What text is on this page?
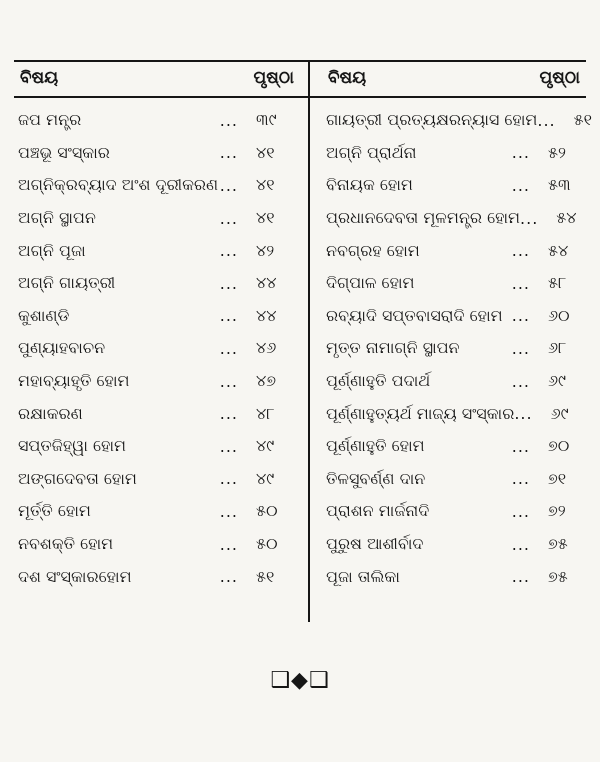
ବିଷୟ	ପୃଷ୍ଠା
ଜପ ମନ୍ତ୍ର	...	୩୯
ପଞ୍ଚଭୂ ସଂସ୍କାର	...	୪୧
ଅଗ୍ନିକ୍ରବ୍ୟାଦ ଅଂଶ ଦୂରୀକରଣ ...	୪୧
ଅଗ୍ନି ସ୍ଥାପନ	...	୪୧
ଅଗ୍ନି ପୂଜା	...	୪୨
ଅଗ୍ନି ଗାୟତ୍ରୀ	...	୪୪
କୁଶାଣ୍ଡି	...	୪୪
ପୁଣ୍ୟାହବାଚନ	...	୪୬
ମହାବ୍ୟାହୃତି ହୋମ	...	୪୭
ରକ୍ଷାକରଣ	...	୪୮
ସପ୍ତଜିହ୍ୱା ହୋମ	...	୪୯
ଅଙ୍ଗଦେବତା ହୋମ	...	୪୯
ମୂର୍ତ୍ତି ହୋମ	...	୫୦
ନବଶକ୍ତି ହୋମ	...	୫୦
ଦଶ ସଂସ୍କାରହୋମ	...	୫୧
ବିଷୟ	ପୃଷ୍ଠା
ଗାୟତ୍ରୀ ପ୍ରତ୍ୟକ୍ଷରନ୍ୟାସ ହୋମ ...	୫୧
ଅଗ୍ନି ପ୍ରାର୍ଥନା	...	୫୨
ବିନାୟକ ହୋମ	...	୫୩
ପ୍ରଧାନଦେବତା ମୂଳମନ୍ତ୍ର ହୋମ ...	୫୪
ନବଗ୍ରହ ହୋମ	...	୫୪
ଦିଗ୍‌ପାଳ ହୋମ	...	୫୮
ରବ୍ୟାଦି ସପ୍ତବାସରାଦି ହୋମ ...	୬୦
ମୃତ୍ତ ନାମାଗ୍ନି ସ୍ଥାପନ	...	୬୮
ପୂର୍ଣ୍ଣାହୁତି ପଦାର୍ଥ	...	୬୯
ପୂର୍ଣ୍ଣାହୁତ୍ୟର୍ଥ ମାଜ୍ୟ ସଂସ୍କାର ...	୬୯
ପୂର୍ଣ୍ଣାହୁତି ହୋମ	...	୭୦
ତିଳସୁବର୍ଣ୍ଣ ଦାନ	...	୭୧
ପ୍ରାଶନ ମାର୍ଜନାଦି	...	୭୨
ପୁରୁଷ ଆଶୀର୍ବାଦ	...	୭୫
ପୂଜା ତାଲିକା	...	୭୫
❑◆❑
